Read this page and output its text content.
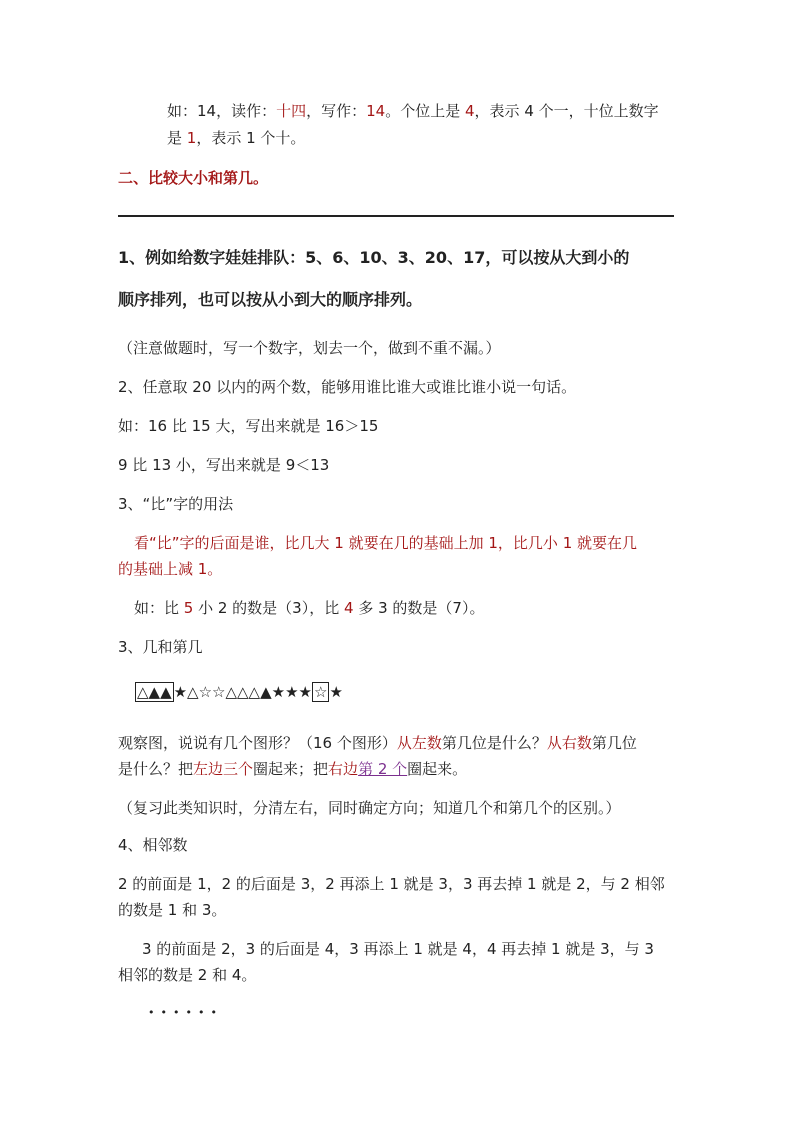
如：14，读作：十四，写作：14。个位上是 4，表示 4 个一，十位上数字
是 1，表示 1 个十。
二、比较大小和第几。
1、例如给数字娃娃排队：5、6、10、3、20、17，可以按从大到小的
顺序排列，也可以按从小到大的顺序排列。
（注意做题时，写一个数字，划去一个，做到不重不漏。）
2、任意取 20 以内的两个数，能够用谁比谁大或谁比谁小说一句话。
如：16 比 15 大，写出来就是 16＞15
9 比 13 小，写出来就是 9＜13
3、“比”字的用法
看“比”字的后面是谁，比几大 1 就要在几的基础上加 1，比几小 1 就要在几
的基础上减 1。
如：比 5 小 2 的数是（3），比 4 多 3 的数是（7）。
3、几和第几
△▲▲ ★△☆☆△△△▲★★★ ☆ ★
观察图，说说有几个图形？（16 个图形）从左数第几位是什么？从右数第几位
是什么？把左边三个圈起来；把右边第 2 个圈起来。
（复习此类知识时，分清左右，同时确定方向；知道几个和第几个的区别。）
4、相邻数
2 的前面是 1，2 的后面是 3，2 再添上 1 就是 3，3 再去掉 1 就是 2，与 2 相邻
的数是 1 和 3。
3 的前面是 2，3 的后面是 4，3 再添上 1 就是 4，4 再去掉 1 就是 3，与 3
相邻的数是 2 和 4。
••••••
